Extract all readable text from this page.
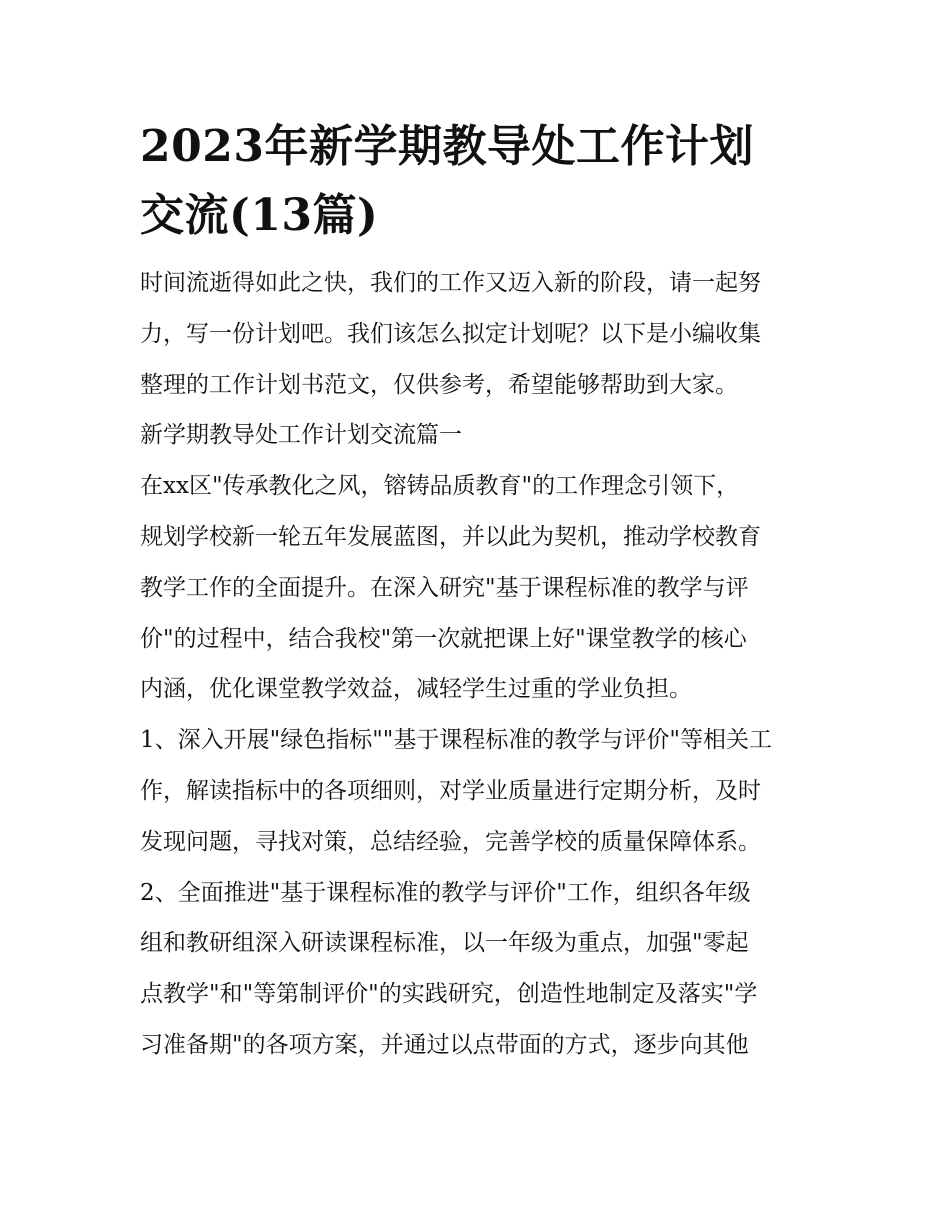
2023年新学期教导处工作计划
交流(13篇)
时间流逝得如此之快，我们的工作又迈入新的阶段，请一起努
力，写一份计划吧。我们该怎么拟定计划呢？以下是小编收集
整理的工作计划书范文，仅供参考，希望能够帮助到大家。
新学期教导处工作计划交流篇一
在xx区"传承教化之风，镕铸品质教育"的工作理念引领下，
规划学校新一轮五年发展蓝图，并以此为契机，推动学校教育
教学工作的全面提升。在深入研究"基于课程标准的教学与评
价"的过程中，结合我校"第一次就把课上好"课堂教学的核心
内涵，优化课堂教学效益，减轻学生过重的学业负担。
1、深入开展"绿色指标""基于课程标准的教学与评价"等相关工
作，解读指标中的各项细则，对学业质量进行定期分析，及时
发现问题，寻找对策，总结经验，完善学校的质量保障体系。
2、全面推进"基于课程标准的教学与评价"工作，组织各年级
组和教研组深入研读课程标准，以一年级为重点，加强"零起
点教学"和"等第制评价"的实践研究，创造性地制定及落实"学
习准备期"的各项方案，并通过以点带面的方式，逐步向其他
